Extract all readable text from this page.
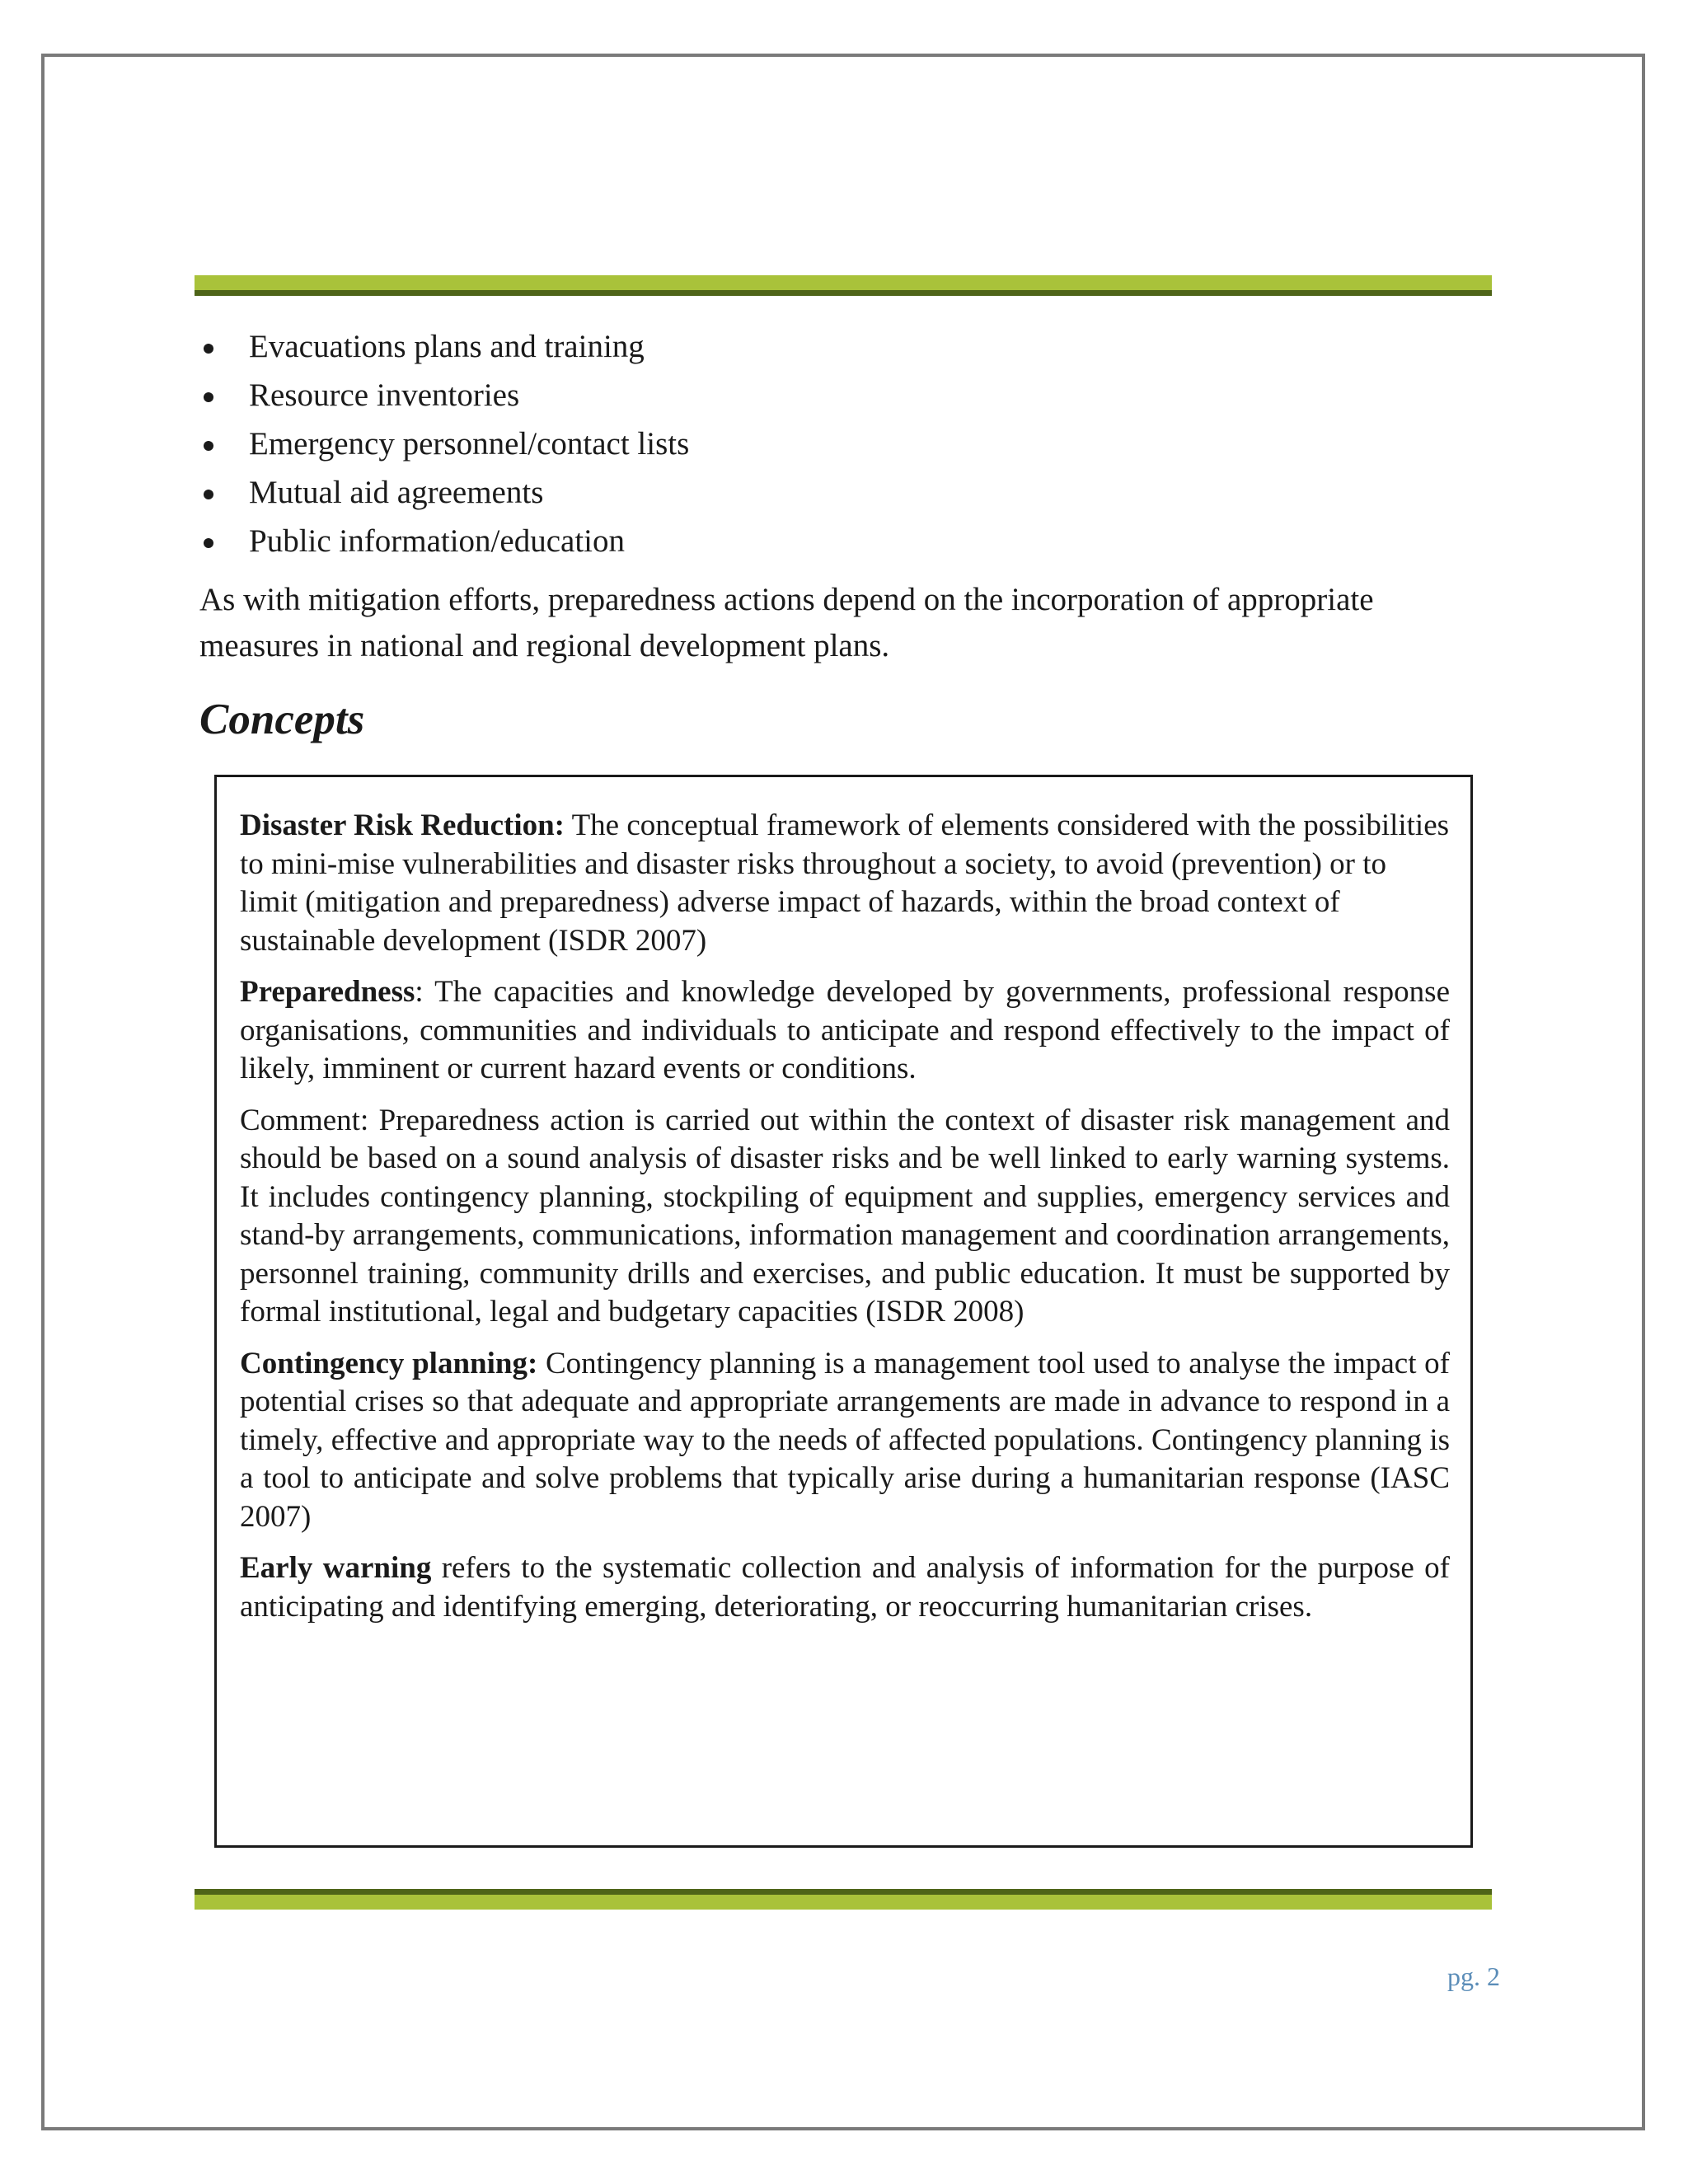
Evacuations plans and training
Resource inventories
Emergency personnel/contact lists
Mutual aid agreements
Public information/education

As with mitigation efforts, preparedness actions depend on the incorporation of appropriate measures in national and regional development plans.

Concepts

Disaster Risk Reduction: The conceptual framework of elements considered with the possibilities to mini-mise vulnerabilities and disaster risks throughout a society, to avoid (prevention) or to limit (mitigation and preparedness) adverse impact of hazards, within the broad context of sustainable development (ISDR 2007)

Preparedness: The capacities and knowledge developed by governments, professional response organisations, communities and individuals to anticipate and respond effectively to the impact of likely, imminent or current hazard events or conditions.

Comment: Preparedness action is carried out within the context of disaster risk management and should be based on a sound analysis of disaster risks and be well linked to early warning systems. It includes contingency planning, stockpiling of equipment and supplies, emergency services and stand-by arrangements, communications, information management and coordination arrangements, personnel training, community drills and exercises, and public education. It must be supported by formal institutional, legal and budgetary capacities (ISDR 2008)

Contingency planning: Contingency planning is a management tool used to analyse the impact of potential crises so that adequate and appropriate arrangements are made in advance to respond in a timely, effective and appropriate way to the needs of affected populations. Contingency planning is a tool to anticipate and solve problems that typically arise during a humanitarian response (IASC 2007)

Early warning refers to the systematic collection and analysis of information for the purpose of anticipating and identifying emerging, deteriorating, or reoccurring humanitarian crises.

pg. 2
